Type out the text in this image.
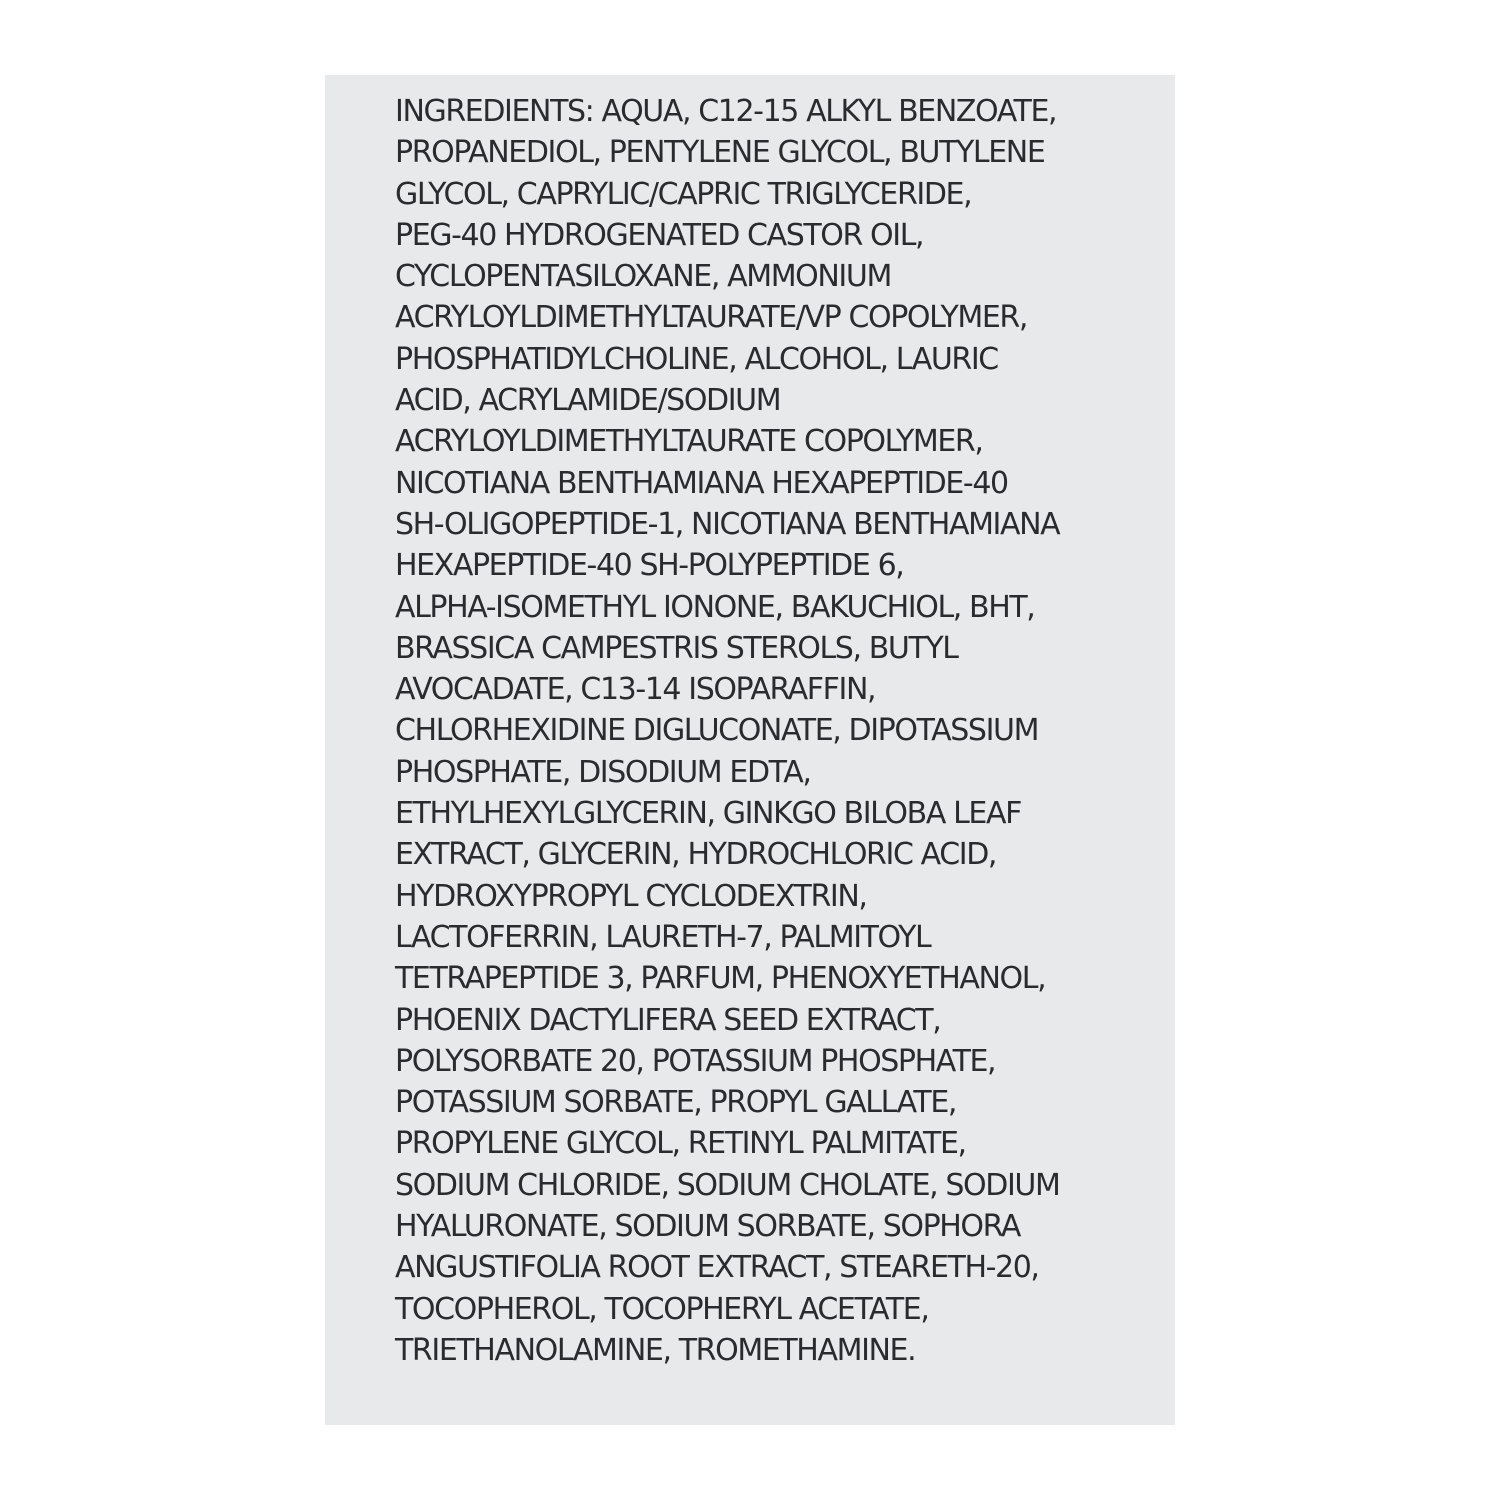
INGREDIENTS: AQUA, C12-15 ALKYL BENZOATE,
PROPANEDIOL, PENTYLENE GLYCOL, BUTYLENE
GLYCOL, CAPRYLIC/CAPRIC TRIGLYCERIDE,
PEG-40 HYDROGENATED CASTOR OIL,
CYCLOPENTASILOXANE, AMMONIUM
ACRYLOYLDIMETHYLTAURATE/VP COPOLYMER,
PHOSPHATIDYLCHOLINE, ALCOHOL, LAURIC
ACID, ACRYLAMIDE/SODIUM
ACRYLOYLDIMETHYLTAURATE COPOLYMER,
NICOTIANA BENTHAMIANA HEXAPEPTIDE-40
SH-OLIGOPEPTIDE-1, NICOTIANA BENTHAMIANA
HEXAPEPTIDE-40 SH-POLYPEPTIDE 6,
ALPHA-ISOMETHYL IONONE, BAKUCHIOL, BHT,
BRASSICA CAMPESTRIS STEROLS, BUTYL
AVOCADATE, C13-14 ISOPARAFFIN,
CHLORHEXIDINE DIGLUCONATE, DIPOTASSIUM
PHOSPHATE, DISODIUM EDTA,
ETHYLHEXYLGLYCERIN, GINKGO BILOBA LEAF
EXTRACT, GLYCERIN, HYDROCHLORIC ACID,
HYDROXYPROPYL CYCLODEXTRIN,
LACTOFERRIN, LAURETH-7, PALMITOYL
TETRAPEPTIDE 3, PARFUM, PHENOXYETHANOL,
PHOENIX DACTYLIFERA SEED EXTRACT,
POLYSORBATE 20, POTASSIUM PHOSPHATE,
POTASSIUM SORBATE, PROPYL GALLATE,
PROPYLENE GLYCOL, RETINYL PALMITATE,
SODIUM CHLORIDE, SODIUM CHOLATE, SODIUM
HYALURONATE, SODIUM SORBATE, SOPHORA
ANGUSTIFOLIA ROOT EXTRACT, STEARETH-20,
TOCOPHEROL, TOCOPHERYL ACETATE,
TRIETHANOLAMINE, TROMETHAMINE.
